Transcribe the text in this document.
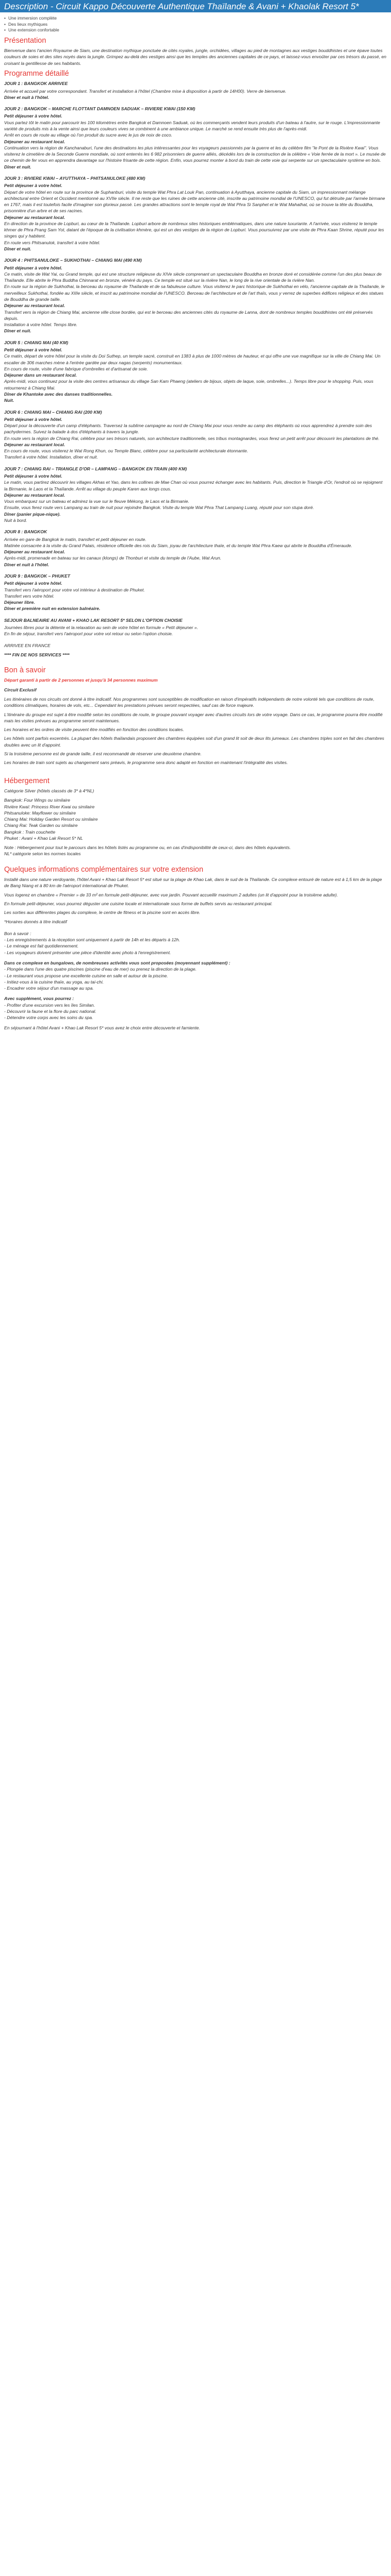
Description - Circuit Kappo Découverte Authentique Thaïlande & Avani + Khaolak Resort 5*
• Une immersion complète
• Des lieux mythiques
• Une extension confortable
Présentation

Bienvenue dans l'ancien Royaume de Siam, une destination mythique ponctuée de cités royales, jungle, orchidées, villages au pied de montagnes aux vestiges bouddhistes et une épave toutes couleurs de soies et des sites noyés dans la jungle. Grimpez au-delà des vestiges ainsi que les temples des anciennes capitales de ce pays, et laissez-vous envoûter par ces trésors du passé, en croisant la gentillesse de ses habitants.

Programme détaillé
JOUR 1 : BANGKOK ARRIVEE

Arrivée et accueil par votre correspondant. Transfert et installation à l'hôtel (Chambre mise à disposition à partir de 14H00). Verre de bienvenue.

Dîner et nuit à l'hôtel.

JOUR 2 : BANGKOK – MARCHE FLOTTANT DAMNOEN SADUAK – RIVIERE KWAI (150 KM)

Petit déjeuner à votre hôtel.

Vous partez tôt le matin pour parcourir les 100 kilomètres entre Bangkok et Damnoen Saduak, où les commerçants vendent leurs produits d'un bateau à l'autre, sur le rouge. L'impressionnante variété de produits mis à la vente ainsi que leurs couleurs vives se combinent à une ambiance unique. Le marché se rend ensuite très plus de l'après-midi.

Arrêt en cours de route au village où l'on produit du sucre avec le jus de noix de coco.

Déjeuner au restaurant local.

Continuation vers la région de Kanchanaburi, l'une des destinations les plus intéressantes pour les voyageurs passionnés par la guerre et les du célèbre film "le Pont de la Rivière Kwai". Vous visiterez le cimetière de la Seconde Guerre mondiale, où sont enterrés les 6 982 prisonniers de guerre alliés, décédés lors de la construction de la célèbre « Voie ferrée de la mort ». Le musée de ce chemin de fer vous en apprendra davantage sur l'histoire frisante de cette région. Enfin, vous pourrez monter à bord du train de cette voie qui serpente sur un spectaculaire système en bois.

Dîner et nuit.

JOUR 3 : RIVIERE KWAI – AYUTTHAYA – PHITSANULOKE (480 KM)

Petit déjeuner à votre hôtel.

Départ de votre hôtel en route sur la province de Suphanburi, visite du temple Wat Phra Lat Louk Pan, continuation à Ayutthaya, ancienne capitale du Siam, un impressionnant mélange architectural entre Orient et Occident mentionné au XVIIe siècle. Il ne reste que les ruines de cette ancienne cité, inscrite au patrimoine mondial de l'UNESCO, qui fut détruite par l'armée birmane en 1767, mais il est toutefois facile d'imaginer son glorieux passé. Les grandes attractions sont le temple royal de Wat Phra Si Sanphet et le Wat Mahathat, où se trouve la tête du Bouddha, prisonnière d'un arbre et de ses racines.

Déjeuner au restaurant local.

En direction de la province de Lopburi, au cœur de la Thaïlande. Lopburi arbore de nombreux sites historiques emblématiques, dans une nature luxuriante. A l'arrivée, vous visiterez le temple khmer de Phra Prang Sam Yot, datant de l'époque de la civilisation khmère, qui est un des vestiges de la région de Lopburi. Vous poursuivrez par une visite de Phra Kaan Shrine, réputé pour les singes qui y habitent.

En route vers Phitsanulok, transfert à votre hôtel.

Dîner et nuit.

JOUR 4 : PHITSANULOKE – SUKHOTHAI – CHIANG MAI (490 KM)

Petit déjeuner à votre hôtel.

Ce matin, visite de Wat Yai, ou Grand temple, qui est une structure religieuse du XIVe siècle comprenant un spectaculaire Bouddha en bronze doré et considérée comme l'un des plus beaux de Thaïlande. Elle abrite le Phra Buddha Chinnarat en bronze, vénéré du pays. Ce temple est situé sur la rivière Nan, le long de la rive orientale de la rivière Nan.

En route sur la région de Sukhothai, la berceau du royaume de Thaïlande et de sa fabuleuse culture. Vous visiterez le parc historique de Sukhothai en vélo, l'ancienne capitale de la Thaïlande, le merveilleux Sukhothai, fondée au XIIIe siècle, et inscrit au patrimoine mondial de l'UNESCO. Berceau de l'architecture et de l'art thaïs, vous y verrez de superbes édifices religieux et des statues de Bouddha de grande taille.

Déjeuner au restaurant local.

Transfert vers la région de Chiang Mai, ancienne ville close bordée, qui est le berceau des anciennes cités du royaume de Lanna, dont de nombreux temples bouddhistes ont été préservés depuis.

Installation à votre hôtel. Temps libre.

Dîner et nuit.

JOUR 5 : CHIANG MAI (40 KM)

Petit déjeuner à votre hôtel.

Ce matin, départ de votre hôtel pour la visite du Doi Suthep, un temple sacré, construit en 1383 à plus de 1000 mètres de hauteur, et qui offre une vue magnifique sur la ville de Chiang Mai. Un escalier de 306 marches mène à l'entrée gardée par deux nagas (serpents) monumentaux.

En cours de route, visite d'une fabrique d'ombrelles et d'artisanat de soie.

Déjeuner dans un restaurant local.

Après-midi, vous continuez pour la visite des centres artisanaux du village San Kam Phaeng (ateliers de bijoux, objets de laque, soie, ombrelles...). Temps libre pour le shopping. Puis, vous retournerez à Chiang Mai.

Dîner de Khantoke avec des danses traditionnelles.

Nuit.

JOUR 6 : CHIANG MAI – CHIANG RAI (200 KM)

Petit déjeuner à votre hôtel.

Départ pour la découverte d'un camp d'éléphants. Traversez la sublime campagne au nord de Chiang Mai pour vous rendre au camp des éléphants où vous apprendrez à prendre soin des pachydermes. Suivez la balade à dos d'éléphants à travers la jungle.

En route vers la région de Chiang Rai, célèbre pour ses trésors naturels, son architecture traditionnelle, ses tribus montagnardes, vous ferez un petit arrêt pour découvrir les plantations de thé.

Déjeuner au restaurant local.

En cours de route, vous visiterez le Wat Rong Khun, ou Temple Blanc, célèbre pour sa particularité architecturale étonnante.

Transfert à votre hôtel. Installation, dîner et nuit.

JOUR 7 : CHIANG RAI – TRIANGLE D'OR – LAMPANG – BANGKOK EN TRAIN (400 KM)

Petit déjeuner à votre hôtel.

Le matin, vous partirez découvrir les villages Akhas et Yao, dans les collines de Mae Chan où vous pourrez échanger avec les habitants. Puis, direction le Triangle d'Or, l'endroit où se rejoignent la Birmanie, le Laos et la Thaïlande. Arrêt au village du peuple Karen aux longs cous.

Déjeuner au restaurant local.

Vous embarquez sur un bateau et admirez la vue sur le fleuve Mékong, le Laos et la Birmanie.

Ensuite, vous ferez route vers Lampang au train de nuit pour rejoindre Bangkok. Visite du temple Wat Phra That Lampang Luang, réputé pour son stupa doré.

Dîner (panier pique-nique).

Nuit à bord.

JOUR 8 : BANGKOK

Arrivée en gare de Bangkok le matin, transfert et petit déjeuner en route.

Matinée consacrée à la visite du Grand Palais, résidence officielle des rois du Siam, joyau de l'architecture thaïe, et du temple Wat Phra Kaew qui abrite le Bouddha d'Émeraude.

Déjeuner au restaurant local.

Après-midi, promenade en bateau sur les canaux (klongs) de Thonburi et visite du temple de l'Aube, Wat Arun.

Dîner et nuit à l'hôtel.

JOUR 9 : BANGKOK – PHUKET

Petit déjeuner à votre hôtel.

Transfert vers l'aéroport pour votre vol intérieur à destination de Phuket.

Transfert vers votre hôtel.

Déjeuner libre.

Dîner et première nuit en extension balnéaire.

SEJOUR BALNEAIRE AU AVANI + KHAO LAK RESORT 5* SELON L'OPTION CHOISIE

Journées libres pour la détente et la relaxation au sein de votre hôtel en formule « Petit déjeuner ».

En fin de séjour, transfert vers l'aéroport pour votre vol retour ou selon l'option choisie.

ARRIVEE EN FRANCE

**** FIN DE NOS SERVICES ****

Bon à savoir

Départ garanti à partir de 2 personnes et jusqu'à 34 personnes maximum

Circuit Exclusif

Les itinéraires de nos circuits ont donné à titre indicatif. Nos programmes sont susceptibles de modification en raison d'impératifs indépendants de notre volonté tels que conditions de route, conditions climatiques, horaires de vols, etc... Cependant les prestations prévues seront respectées, sauf cas de force majeure.

L'itinéraire du groupe est sujet à être modifié selon les conditions de route, le groupe pouvant voyager avec d'autres circuits lors de votre voyage. Dans ce cas, le programme pourra être modifié mais les visites prévues au programme seront maintenues.

Les horaires et les ordres de visite peuvent être modifiés en fonction des conditions locales.

Les hôtels sont parfois excentrés. La plupart des hôtels thaïlandais proposent des chambres équipées soit d'un grand lit soit de deux lits jumeaux. Les chambres triples sont en fait des chambres doubles avec un lit d'appoint.

Si la troisième personne est de grande taille, il est recommandé de réserver une deuxième chambre.

Les horaires de train sont sujets au changement sans préavis, le programme sera donc adapté en fonction en maintenant l'intégralité des visites.

Hébergement

Catégorie Silver (hôtels classés de 3* à 4*NL)

Bangkok: Four Wings ou similaire

Rivière Kwaï: Princess River Kwai ou similaire

Phitsanuloke: Mayflower ou similaire

Chiang Mai: Holiday Garden Resort ou similaire

Chiang Rai: Teak Garden ou similaire

Bangkok : Train couchette

Phuket : Avani + Khao Lak Resort 5* NL

Note : Hébergement pour tout le parcours dans les hôtels listés au programme ou, en cas d'indisponibilité de ceux-ci, dans des hôtels équivalents.

NL* catégorie selon les normes locales

Quelques informations complémentaires sur votre extension

Installé dans une nature verdoyante, l'hôtel Avani + Khao Lak Resort 5* est situé sur la plage de Khao Lak, dans le sud de la Thaïlande. Ce complexe entouré de nature est à 1,5 km de la plage de Bang Niang et à 80 km de l'aéroport international de Phuket.

Vous logerez en chambre « Premier » de 33 m² en formule petit-déjeuner, avec vue jardin. Pouvant accueillir maximum 2 adultes (un lit d'appoint pour la troisième adulte).

En formule petit-déjeuner, vous pourrez déguster une cuisine locale et internationale sous forme de buffets servis au restaurant principal.

Les sorties aux différentes plages du complexe, le centre de fitness et la piscine sont en accès libre.

*Horaires donnés à titre indicatif

Bon à savoir :

- Les enregistrements à la réception sont uniquement à partir de 14h et les départs à 12h.
- Le ménage est fait quotidiennement.
- Les voyageurs doivent présenter une pièce d'identité avec photo à l'enregistrement.

Dans ce complexe en bungalows, de nombreuses activités vous sont proposées (moyennant supplément) :

- Plongée dans l'une des quatre piscines (piscine d'eau de mer) ou prenez la direction de la plage.
- Le restaurant vous propose une excellente cuisine en salle et autour de la piscine.
- Initiez-vous à la cuisine thaïe, au yoga, au tai-chi.
- Encadrer votre séjour d'un massage au spa.

Avec supplément, vous pourrez :

- Profiter d'une excursion vers les îles Similan.
- Découvrir la faune et la flore du parc national.
- Détendre votre corps avec les soins du spa.

En séjournant à l'hôtel Avani + Khao Lak Resort 5* vous avez le choix entre découverte et farniente.
